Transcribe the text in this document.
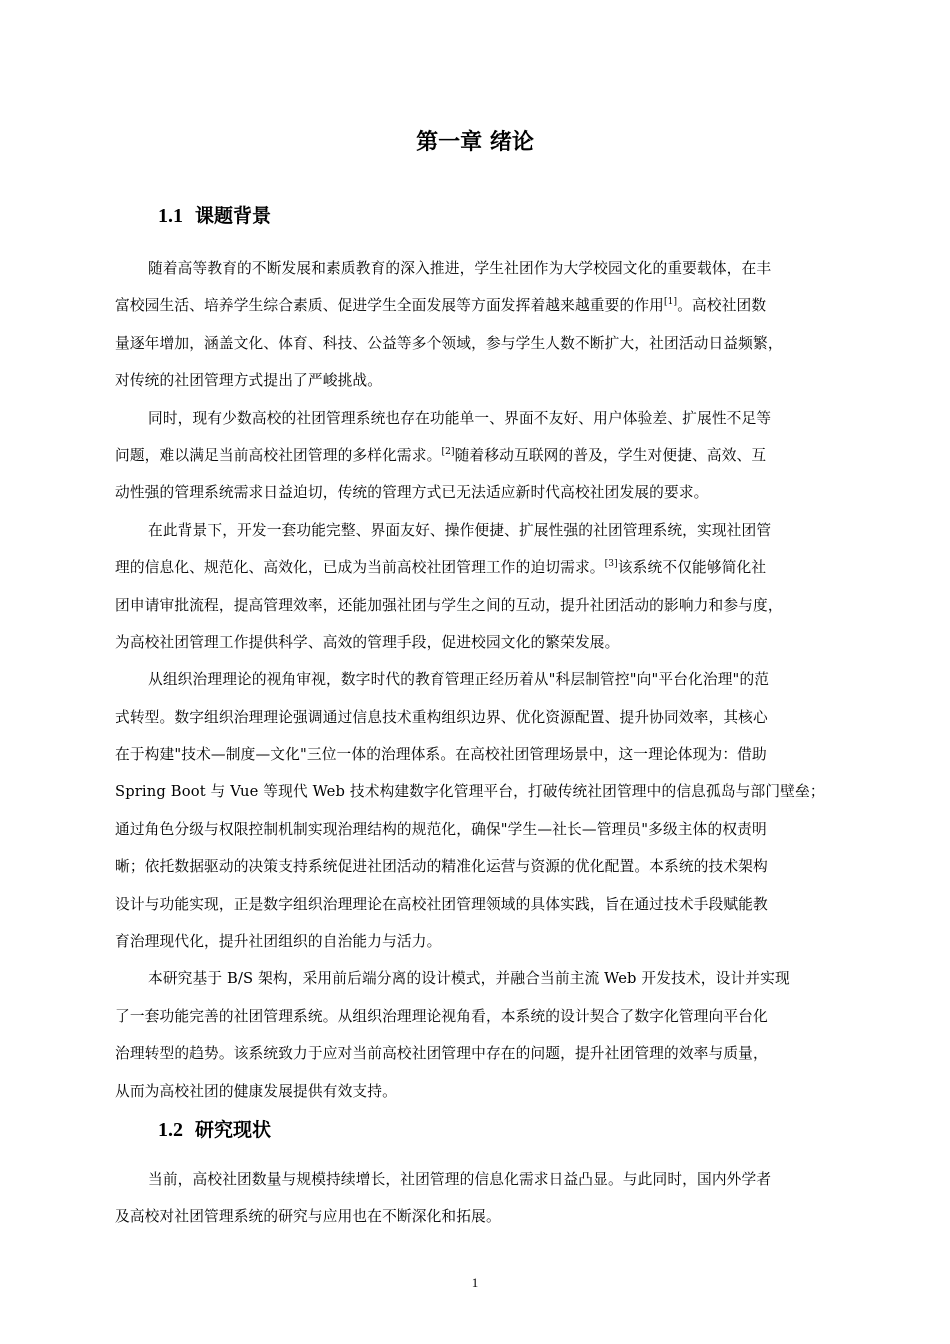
第一章 绪论
1.1 课题背景
随着高等教育的不断发展和素质教育的深入推进，学生社团作为大学校园文化的重要载体，在丰
富校园生活、培养学生综合素质、促进学生全面发展等方面发挥着越来越重要的作用[1]。高校社团数
量逐年增加，涵盖文化、体育、科技、公益等多个领域，参与学生人数不断扩大，社团活动日益频繁，
对传统的社团管理方式提出了严峻挑战。
同时，现有少数高校的社团管理系统也存在功能单一、界面不友好、用户体验差、扩展性不足等
问题，难以满足当前高校社团管理的多样化需求。[2]随着移动互联网的普及，学生对便捷、高效、互
动性强的管理系统需求日益迫切，传统的管理方式已无法适应新时代高校社团发展的要求。
在此背景下，开发一套功能完整、界面友好、操作便捷、扩展性强的社团管理系统，实现社团管
理的信息化、规范化、高效化，已成为当前高校社团管理工作的迫切需求。[3]该系统不仅能够简化社
团申请审批流程，提高管理效率，还能加强社团与学生之间的互动，提升社团活动的影响力和参与度，
为高校社团管理工作提供科学、高效的管理手段，促进校园文化的繁荣发展。
从组织治理理论的视角审视，数字时代的教育管理正经历着从"科层制管控"向"平台化治理"的范
式转型。数字组织治理理论强调通过信息技术重构组织边界、优化资源配置、提升协同效率，其核心
在于构建"技术—制度—文化"三位一体的治理体系。在高校社团管理场景中，这一理论体现为：借助
Spring Boot 与 Vue 等现代 Web 技术构建数字化管理平台，打破传统社团管理中的信息孤岛与部门壁垒；
通过角色分级与权限控制机制实现治理结构的规范化，确保"学生—社长—管理员"多级主体的权责明
晰；依托数据驱动的决策支持系统促进社团活动的精准化运营与资源的优化配置。本系统的技术架构
设计与功能实现，正是数字组织治理理论在高校社团管理领域的具体实践，旨在通过技术手段赋能教
育治理现代化，提升社团组织的自治能力与活力。
本研究基于 B/S 架构，采用前后端分离的设计模式，并融合当前主流 Web 开发技术，设计并实现
了一套功能完善的社团管理系统。从组织治理理论视角看，本系统的设计契合了数字化管理向平台化
治理转型的趋势。该系统致力于应对当前高校社团管理中存在的问题，提升社团管理的效率与质量，
从而为高校社团的健康发展提供有效支持。
1.2 研究现状
当前，高校社团数量与规模持续增长，社团管理的信息化需求日益凸显。与此同时，国内外学者
及高校对社团管理系统的研究与应用也在不断深化和拓展。
1
